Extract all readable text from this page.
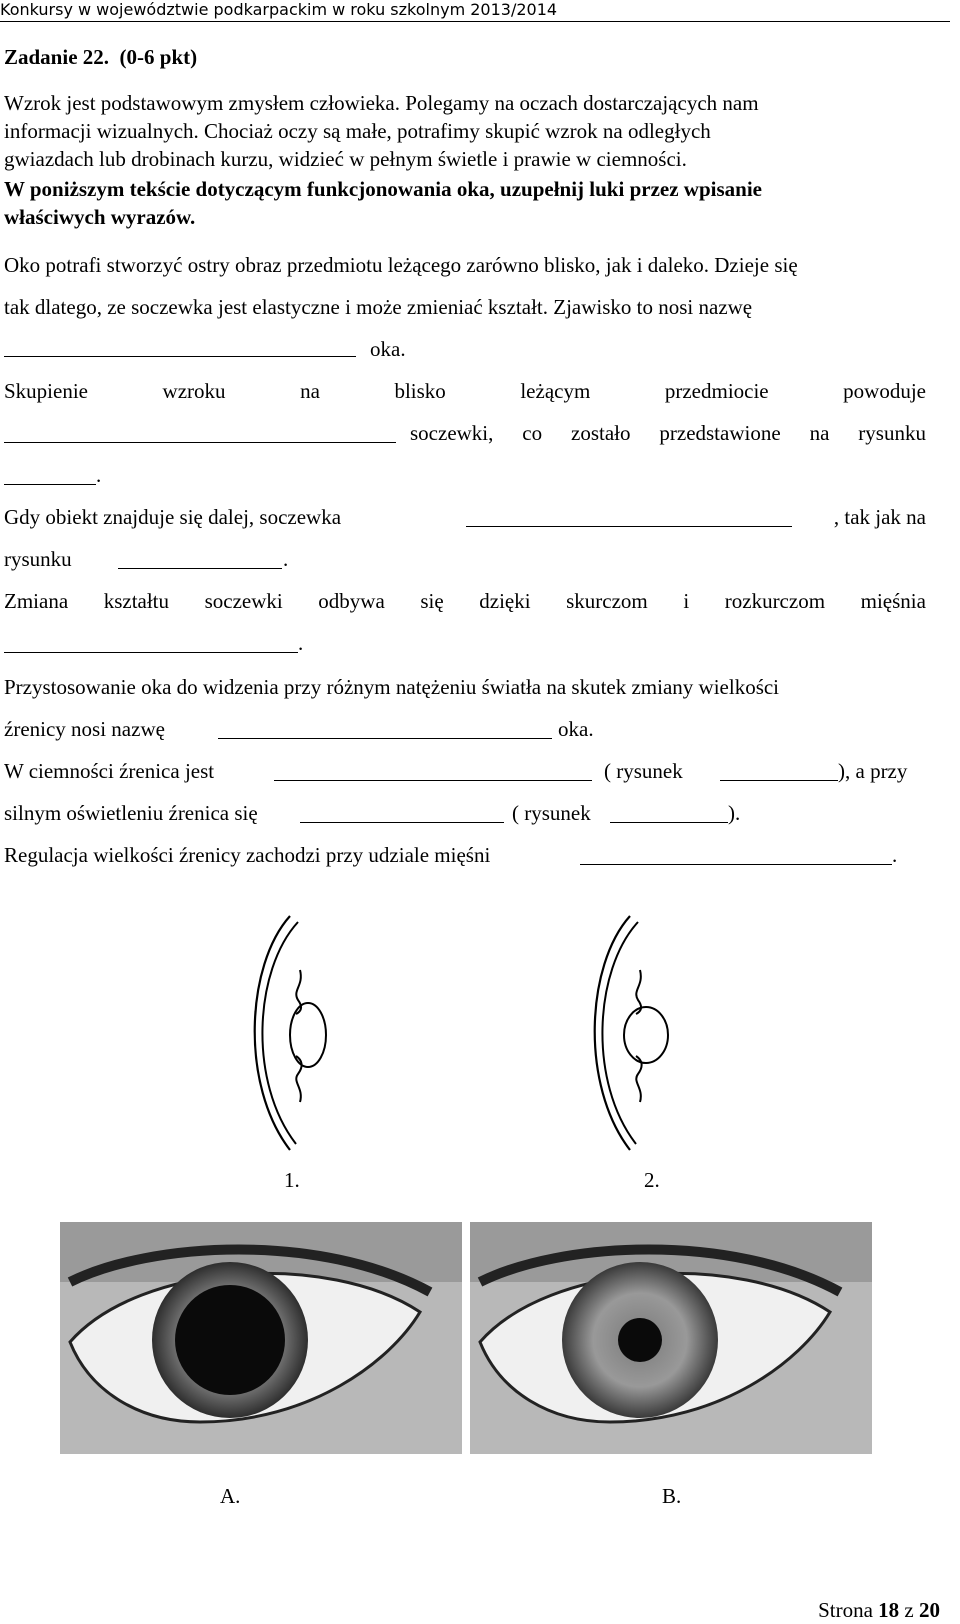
Konkursy w województwie podkarpackim w roku szkolnym 2013/2014
Zadanie 22. (0-6 pkt)
Wzrok jest podstawowym zmysłem człowieka. Polegamy na oczach dostarczających nam
informacji wizualnych. Chociaż oczy są małe, potrafimy skupić wzrok na odległych
gwiazdach lub drobinach kurzu, widzieć w pełnym świetle i prawie w ciemności.
W poniższym tekście dotyczącym funkcjonowania oka, uzupełnij luki przez wpisanie
właściwych wyrazów.
Oko potrafi stworzyć ostry obraz przedmiotu leżącego zarówno blisko, jak i daleko. Dzieje się
tak dlatego, ze soczewka jest elastyczne i może zmieniać kształt. Zjawisko to nosi nazwę
oka.
Skupienie	wzroku	na	blisko	leżącym	przedmiocie	powoduje
soczewki, co zostało przedstawione na rysunku
.
Gdy obiekt znajduje się dalej, soczewka	, tak jak na
rysunku	.
Zmiana kształtu soczewki odbywa się dzięki skurczom i rozkurczom mięśnia
.
Przystosowanie oka do widzenia przy różnym natężeniu światła na skutek zmiany wielkości
źrenicy nosi nazwę	oka.
W ciemności źrenica jest	( rysunek	), a przy
silnym oświetleniu źrenica się	( rysunek	).
Regulacja wielkości źrenicy zachodzi przy udziale mięśni	.
1.	2.
A.	B.
Strona 18 z 20
